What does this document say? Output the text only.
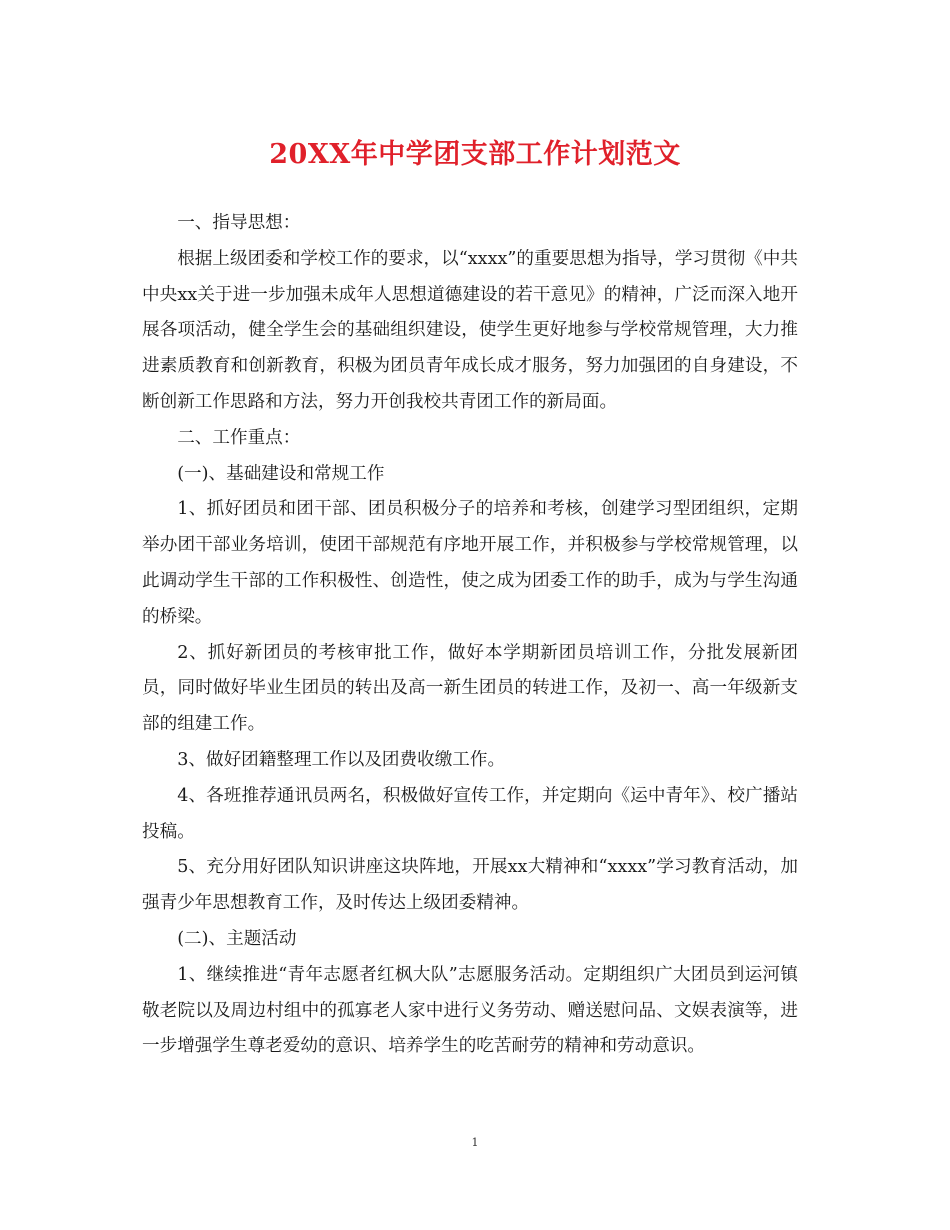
20XX年中学团支部工作计划范文

一、指导思想：

根据上级团委和学校工作的要求，以“xxxx”的重要思想为指导，学习贯彻《中共中央xx关于进一步加强未成年人思想道德建设的若干意见》的精神，广泛而深入地开展各项活动，健全学生会的基础组织建设，使学生更好地参与学校常规管理，大力推进素质教育和创新教育，积极为团员青年成长成才服务，努力加强团的自身建设，不断创新工作思路和方法，努力开创我校共青团工作的新局面。

二、工作重点：

(一)、基础建设和常规工作

1、抓好团员和团干部、团员积极分子的培养和考核，创建学习型团组织，定期举办团干部业务培训，使团干部规范有序地开展工作，并积极参与学校常规管理，以此调动学生干部的工作积极性、创造性，使之成为团委工作的助手，成为与学生沟通的桥梁。

2、抓好新团员的考核审批工作，做好本学期新团员培训工作，分批发展新团员，同时做好毕业生团员的转出及高一新生团员的转进工作，及初一、高一年级新支部的组建工作。

3、做好团籍整理工作以及团费收缴工作。

4、各班推荐通讯员两名，积极做好宣传工作，并定期向《运中青年》、校广播站投稿。

5、充分用好团队知识讲座这块阵地，开展xx大精神和“xxxx”学习教育活动，加强青少年思想教育工作，及时传达上级团委精神。

(二)、主题活动

1、继续推进“青年志愿者红枫大队”志愿服务活动。定期组织广大团员到运河镇敬老院以及周边村组中的孤寡老人家中进行义务劳动、赠送慰问品、文娱表演等，进一步增强学生尊老爱幼的意识、培养学生的吃苦耐劳的精神和劳动意识。

1
